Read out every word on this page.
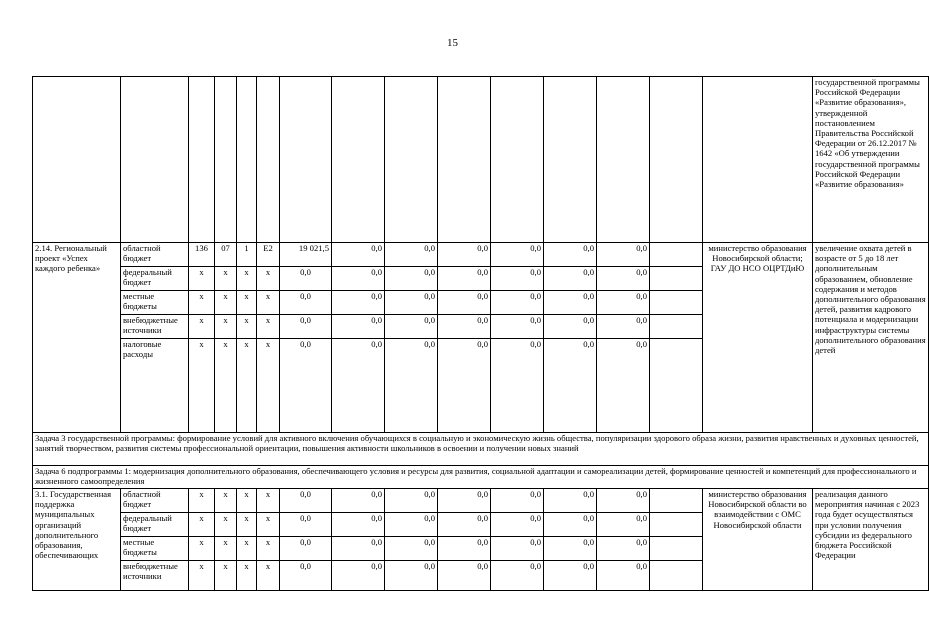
15
															государственной программы Российской Федерации «Развитие образования», утвержденной постановлением Правительства Российской Федерации от 26.12.2017 № 1642 «Об утверждении государственной программы Российской Федерации «Развитие образования»
2.14. Региональный проект «Успех каждого ребенка»	областной бюджет	136	07	1	Е2	19 021,5	0,0	0,0	0,0	0,0	0,0	0,0		министерство образования Новосибирской области; ГАУ ДО НСО ОЦРТДиЮ	увеличение охвата детей в возрасте от 5 до 18 лет дополнительным образованием, обновление содержания и методов дополнительного образования детей, развития кадрового потенциала и модернизации инфраструктуры системы дополнительного образования детей
	федеральный бюджет	х	х	х	х	0,0	0,0	0,0	0,0	0,0	0,0	0,0			
	местные бюджеты	х	х	х	х	0,0	0,0	0,0	0,0	0,0	0,0	0,0			
	внебюджетные источники	х	х	х	х	0,0	0,0	0,0	0,0	0,0	0,0	0,0			
	налоговые расходы	х	х	х	х	0,0	0,0	0,0	0,0	0,0	0,0	0,0			
Задача 3 государственной программы: формирование условий для активного включения обучающихся в социальную и экономическую жизнь общества, популяризации здорового образа жизни, развития нравственных и духовных ценностей, занятий творчеством, развития системы профессиональной ориентации, повышения активности школьников в освоении и получении новых знаний															
Задача 6 подпрограммы 1: модернизация дополнительного образования, обеспечивающего условия и ресурсы для развития, социальной адаптации и самореализации детей, формирование ценностей и компетенций для профессионального и жизненного самоопределения															
3.1. Государственная поддержка муниципальных организаций дополнительного образования, обеспечивающих	областной бюджет	х	х	х	х	0,0	0,0	0,0	0,0	0,0	0,0	0,0		министерство образования Новосибирской области во взаимодействии с ОМС Новосибирской области	реализация данного мероприятия начиная с 2023 года будет осуществляться при условии получения субсидии из федерального бюджета Российской Федерации
	федеральный бюджет	х	х	х	х	0,0	0,0	0,0	0,0	0,0	0,0	0,0			
	местные бюджеты	х	х	х	х	0,0	0,0	0,0	0,0	0,0	0,0	0,0			
	внебюджетные источники	х	х	х	х	0,0	0,0	0,0	0,0	0,0	0,0	0,0			
